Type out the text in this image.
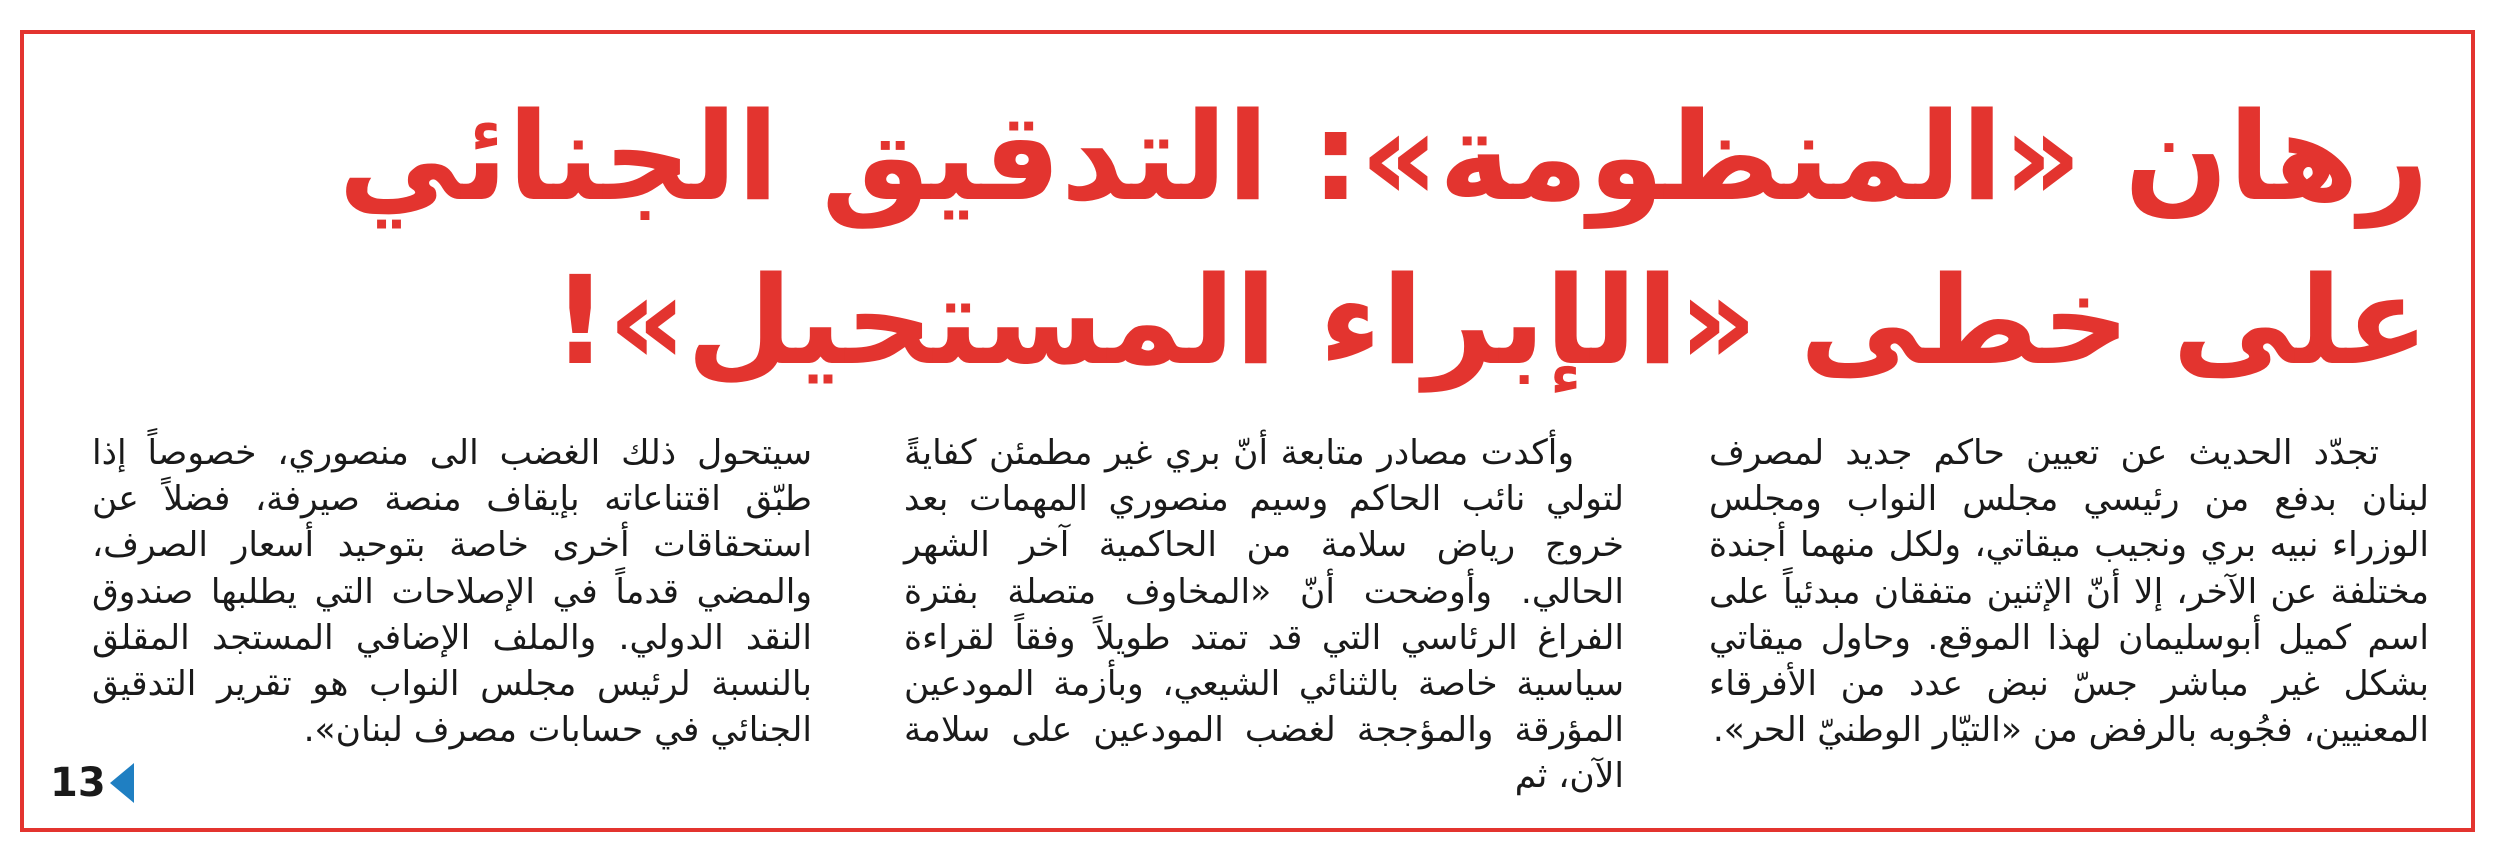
رهان «المنظومة»: التدقيق الجنائي
على خطى «الإبراء المستحيل»!

تجدّد الحديث عن تعيين حاكم جديد لمصرف لبنان بدفع من رئيسي مجلس النواب ومجلس الوزراء نبيه بري ونجيب ميقاتي، ولكل منهما أجندة مختلفة عن الآخر، إلا أنّ الإثنين متفقان مبدئياً على اسم كميل أبوسليمان لهذا الموقع. وحاول ميقاتي بشكل غير مباشر جسّ نبض عدد من الأفرقاء المعنيين، فجُوبه بالرفض من «التيّار الوطنيّ الحر».

وأكدت مصادر متابعة أنّ بري غير مطمئن كفايةً لتولي نائب الحاكم وسيم منصوري المهمات بعد خروج رياض سلامة من الحاكمية آخر الشهر الحالي. وأوضحت أنّ «المخاوف متصلة بفترة الفراغ الرئاسي التي قد تمتد طويلاً وفقاً لقراءة سياسية خاصة بالثنائي الشيعي، وبأزمة المودعين المؤرقة والمؤججة لغضب المودعين على سلامة الآن، ثم

سيتحول ذلك الغضب الى منصوري، خصوصاً إذا طبّق اقتناعاته بإيقاف منصة صيرفة، فضلاً عن استحقاقات أخرى خاصة بتوحيد أسعار الصرف، والمضي قدماً في الإصلاحات التي يطلبها صندوق النقد الدولي. والملف الإضافي المستجد المقلق بالنسبة لرئيس مجلس النواب هو تقرير التدقيق الجنائي في حسابات مصرف لبنان».

13
